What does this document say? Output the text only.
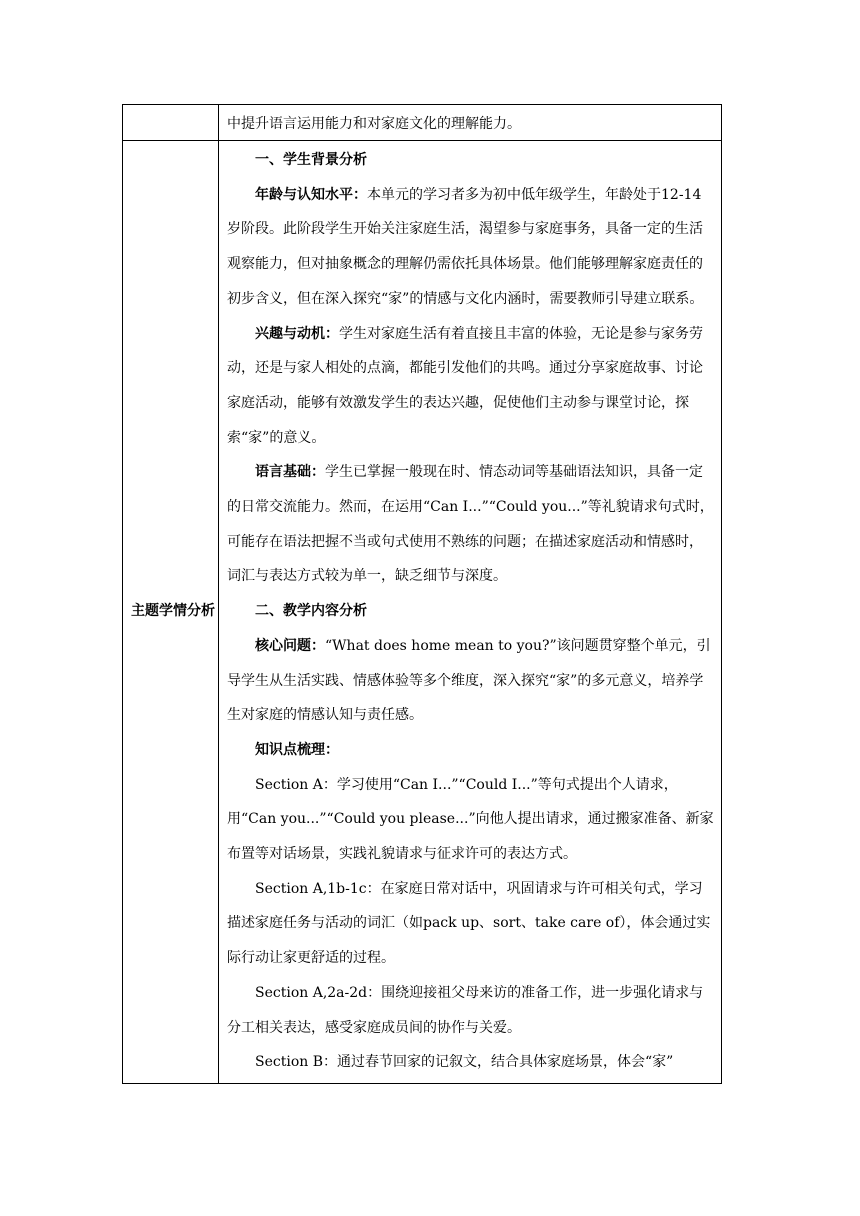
中提升语言运用能力和对家庭文化的理解能力。

主题学情分析

一、学生背景分析

年龄与认知水平：本单元的学习者多为初中低年级学生，年龄处于12-14岁阶段。此阶段学生开始关注家庭生活，渴望参与家庭事务，具备一定的生活观察能力，但对抽象概念的理解仍需依托具体场景。他们能够理解家庭责任的初步含义，但在深入探究“家”的情感与文化内涵时，需要教师引导建立联系。

兴趣与动机：学生对家庭生活有着直接且丰富的体验，无论是参与家务劳动，还是与家人相处的点滴，都能引发他们的共鸣。通过分享家庭故事、讨论家庭活动，能够有效激发学生的表达兴趣，促使他们主动参与课堂讨论，探索“家”的意义。

语言基础：学生已掌握一般现在时、情态动词等基础语法知识，具备一定的日常交流能力。然而，在运用“Can I...”“Could you...”等礼貌请求句式时，可能存在语法把握不当或句式使用不熟练的问题；在描述家庭活动和情感时，词汇与表达方式较为单一，缺乏细节与深度。

二、教学内容分析

核心问题：“What does home mean to you?”该问题贯穿整个单元，引导学生从生活实践、情感体验等多个维度，深入探究“家”的多元意义，培养学生对家庭的情感认知与责任感。

知识点梳理：

Section A：学习使用“Can I...”“Could I...”等句式提出个人请求，用“Can you...”“Could you please...”向他人提出请求，通过搬家准备、新家布置等对话场景，实践礼貌请求与征求许可的表达方式。

Section A,1b-1c：在家庭日常对话中，巩固请求与许可相关句式，学习描述家庭任务与活动的词汇（如pack up、sort、take care of），体会通过实际行动让家更舒适的过程。

Section A,2a-2d：围绕迎接祖父母来访的准备工作，进一步强化请求与分工相关表达，感受家庭成员间的协作与关爱。

Section B：通过春节回家的记叙文，结合具体家庭场景，体会“家”
